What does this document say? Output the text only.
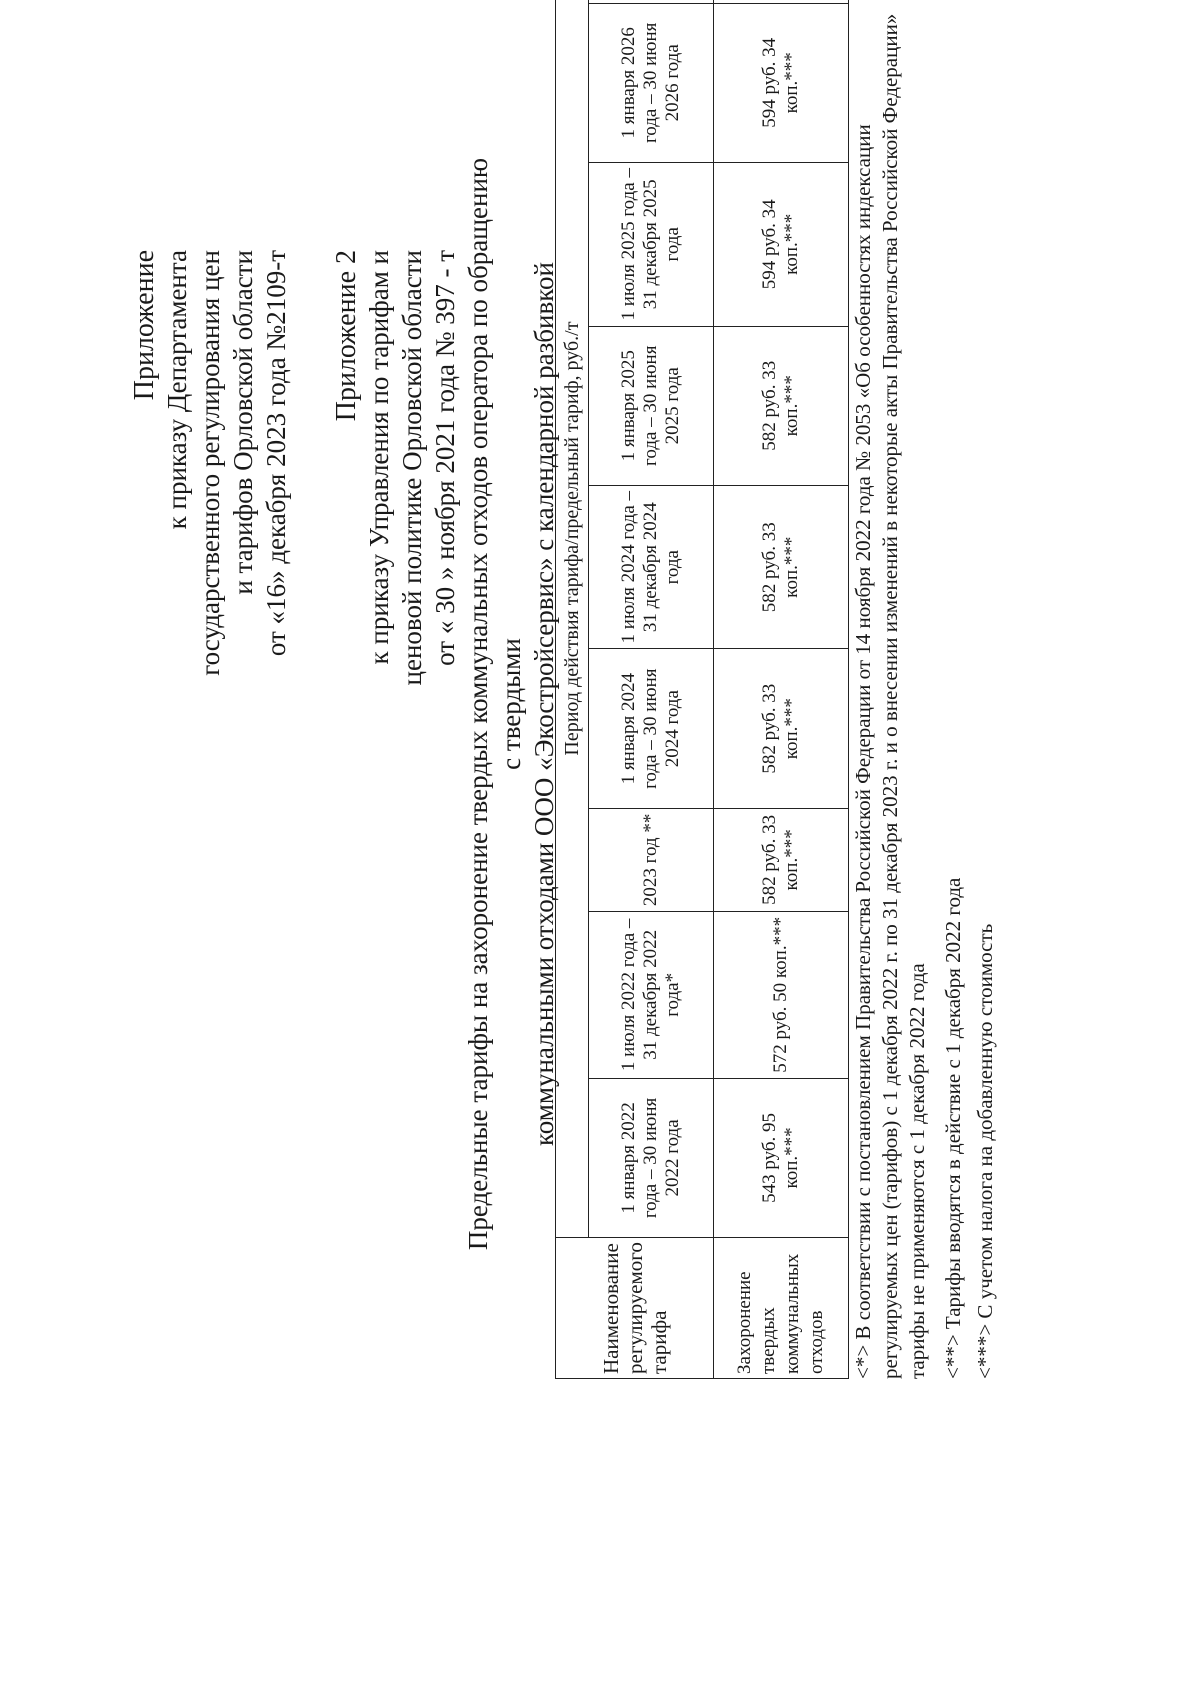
Приложение к приказу Департамента государственного регулирования цен и тарифов Орловской области от «16» декабря 2023 года №2109-т Приложение 2 к приказу Управления по тарифам и ценовой политике Орловской области от « 30 » ноября 2021 года № 397 - т Предельные тарифы на захоронение твердых коммунальных отходов оператора по обращению с твердыми коммунальными отходами ООО «Экостройсервис» с календарной разбивкой
Наименование регулируемого тарифа	Период действия тарифа/предельный тариф, руб./т								
	1 января 2022 года – 30 июня 2022 года	1 июля 2022 года – 31 декабря 2022 года*	2023 год **	1 января 2024 года – 30 июня 2024 года	1 июля 2024 года – 31 декабря 2024 года	1 января 2025 года – 30 июня 2025 года	1 июля 2025 года – 31 декабря 2025 года	1 января 2026 года – 30 июня 2026 года	
Захоронение твердых коммунальных отходов	543 руб. 95 коп.***	572 руб. 50 коп.***	582 руб. 33 коп.***	582 руб. 33 коп.***	582 руб. 33 коп.***	582 руб. 33 коп.***	594 руб. 34 коп.***	594 руб. 34 коп.***	
<*> В соответствии с постановлением Правительства Российской Федерации от 14 ноября 2022 года № 2053 «Об особенностях индексации регулируемых цен (тарифов) с 1 декабря 2022 г. по 31 декабря 2023 г. и о внесении изменений в некоторые акты Правительства Российской Федерации» тарифы не применяются с 1 декабря 2022 года <**> Тарифы вводятся в действие с 1 декабря 2022 года <***> С учетом налога на добавленную стоимость
